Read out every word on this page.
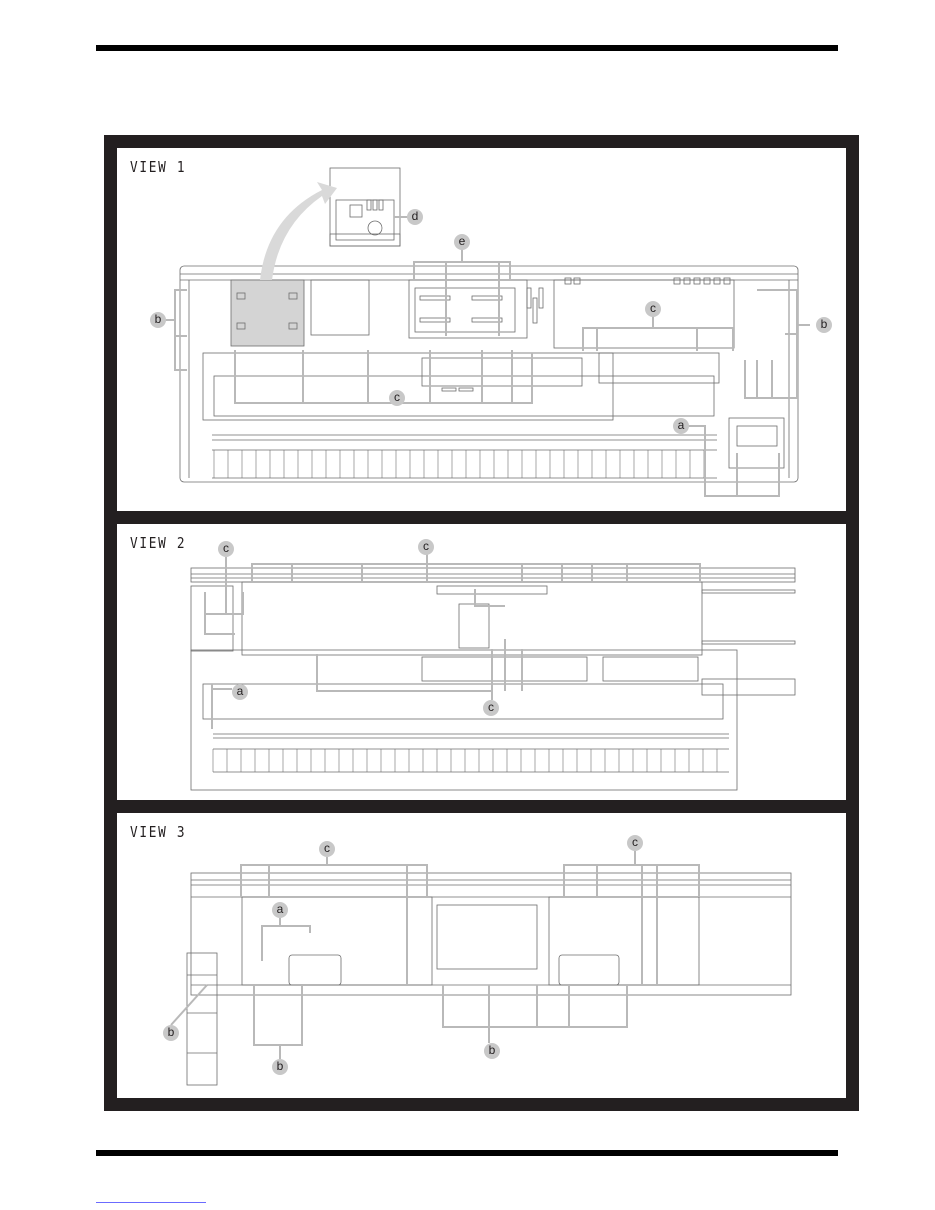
VIEW 1
d
e
b
c
b
c
a
VIEW 2	c	c
a
c
VIEW 3
c	c
a
b
b
b
